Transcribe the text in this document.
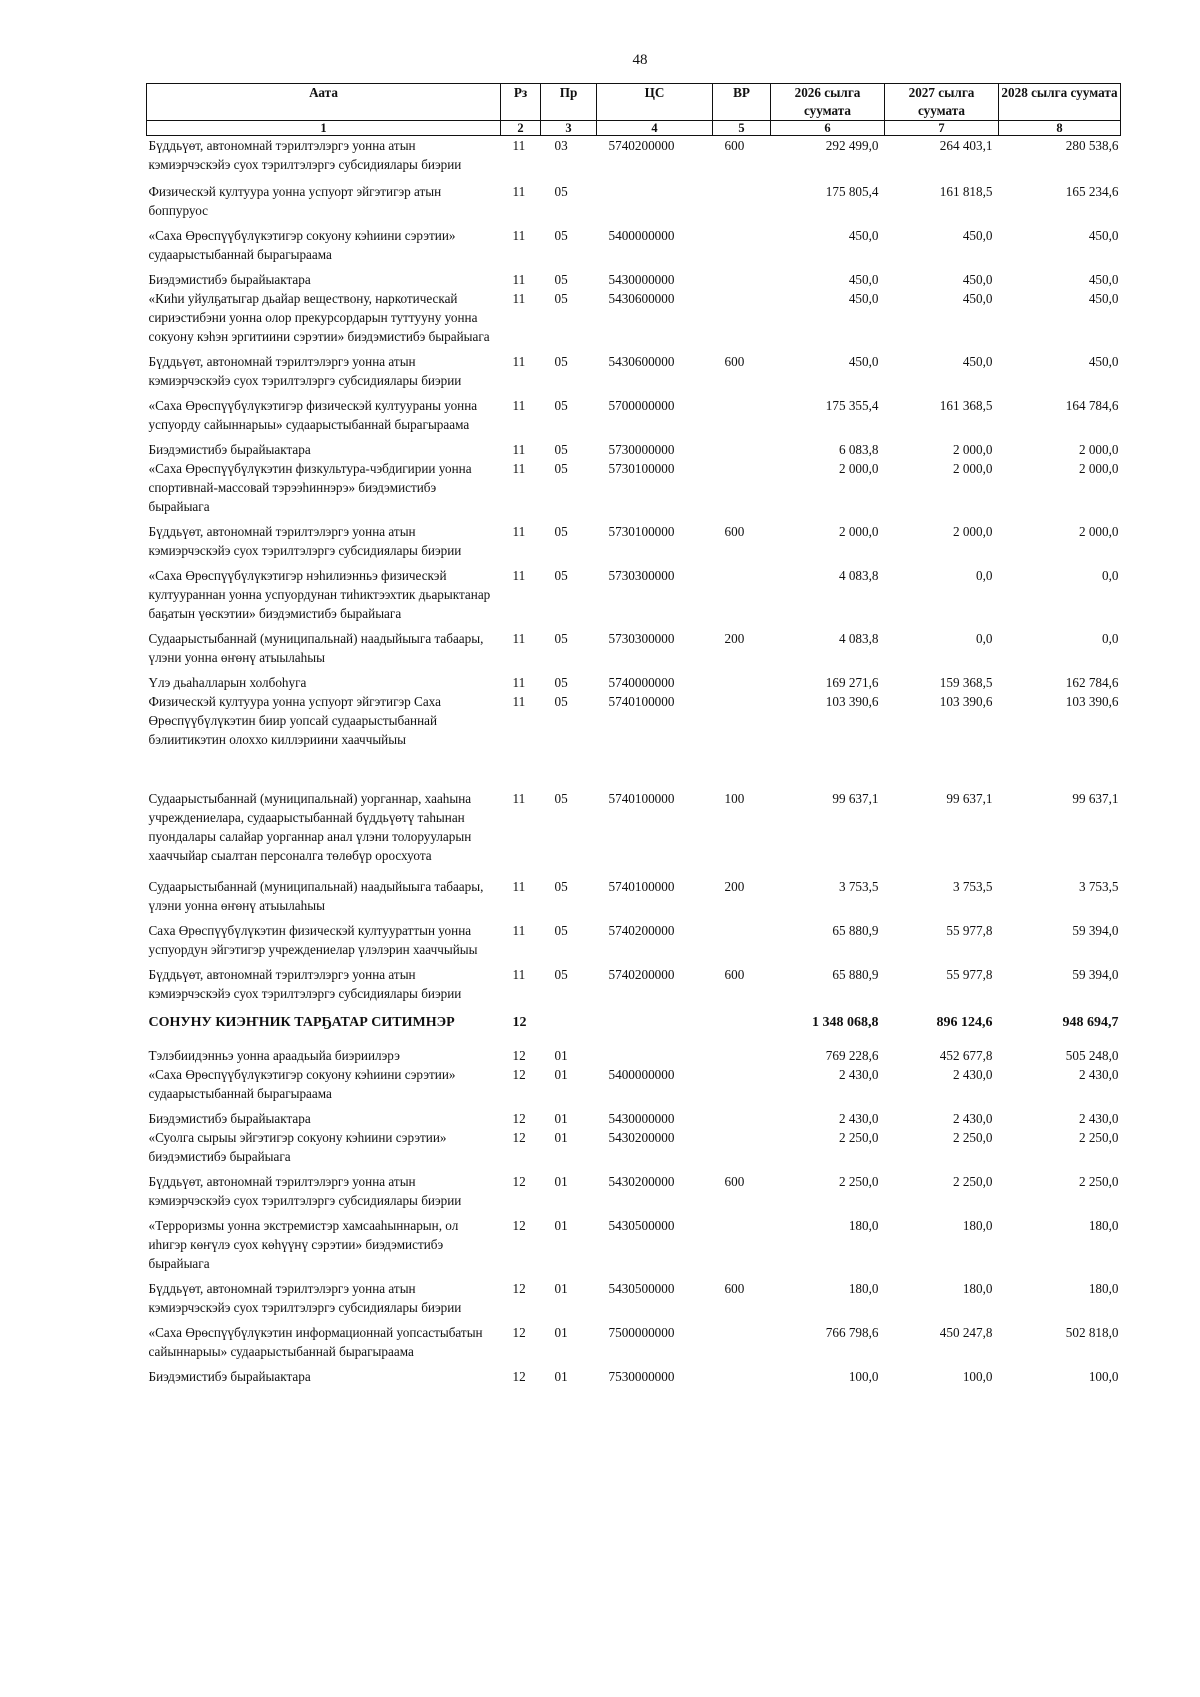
48
Аата	Рз	Пр	ЦС	ВР	2026 сылга суумата	2027 сылга суумата	2028 сылга суумата
1	2	3	4	5	6	7	8
Бүддьүөт, автономнай тэрилтэлэргэ уонна атын кэмиэрчэскэйэ суох тэрилтэлэргэ субсидиялары биэрии	11	03	5740200000	600	292 499,0	264 403,1	280 538,6
Физическэй култуура уонна успуорт эйгэтигэр атын боппуруос	11	05			175 805,4	161 818,5	165 234,6
«Саха Өрөспүүбүлүкэтигэр сокуону кэһиини сэрэтии» судаарыстыбаннай бырагыраама	11	05	5400000000		450,0	450,0	450,0
Биэдэмистибэ бырайыактара	11	05	5430000000		450,0	450,0	450,0
«Киһи уйулҕатыгар дьайар веществону, наркотическай сириэстибэни уонна олор прекурсордарын туттууну уонна сокуону кэһэн эргитиини сэрэтии» биэдэмистибэ бырайыага	11	05	5430600000		450,0	450,0	450,0
Бүддьүөт, автономнай тэрилтэлэргэ уонна атын кэмиэрчэскэйэ суох тэрилтэлэргэ субсидиялары биэрии	11	05	5430600000	600	450,0	450,0	450,0
«Саха Өрөспүүбүлүкэтигэр физическэй култуураны уонна успуорду сайыннарыы» судаарыстыбаннай бырагыраама	11	05	5700000000		175 355,4	161 368,5	164 784,6
Биэдэмистибэ бырайыактара	11	05	5730000000		6 083,8	2 000,0	2 000,0
«Саха Өрөспүүбүлүкэтин физкультура-чэбдигирии уонна спортивнай-массовай тэрээһиннэрэ» биэдэмистибэ бырайыага	11	05	5730100000		2 000,0	2 000,0	2 000,0
Бүддьүөт, автономнай тэрилтэлэргэ уонна атын кэмиэрчэскэйэ суох тэрилтэлэргэ субсидиялары биэрии	11	05	5730100000	600	2 000,0	2 000,0	2 000,0
«Саха Өрөспүүбүлүкэтигэр нэһилиэнньэ физическэй култуураннан уонна успуордунан тиһиктээхтик дьарыктанар баҕатын үөскэтии» биэдэмистибэ бырайыага	11	05	5730300000		4 083,8	0,0	0,0
Судаарыстыбаннай (муниципальнай) наадыйыыга табаары, үлэни уонна өҥөнү атыылаһыы	11	05	5730300000	200	4 083,8	0,0	0,0
Үлэ дьаһалларын холбоһуга	11	05	5740000000		169 271,6	159 368,5	162 784,6
Физическэй култуура уонна успуорт эйгэтигэр Саха Өрөспүүбүлүкэтин биир уопсай судаарыстыбаннай бэлиитикэтин олоххо киллэриини хааччыйыы	11	05	5740100000		103 390,6	103 390,6	103 390,6
Судаарыстыбаннай (муниципальнай) уорганнар, хааһына учреждениелара, судаарыстыбаннай бүддьүөтү таһынан пуондалары салайар уорганнар анал үлэни толорууларын хааччыйар сыалтан персоналга төлөбүр оросхуота	11	05	5740100000	100	99 637,1	99 637,1	99 637,1
Судаарыстыбаннай (муниципальнай) наадыйыыга табаары, үлэни уонна өҥөнү атыылаһыы	11	05	5740100000	200	3 753,5	3 753,5	3 753,5
Саха Өрөспүүбүлүкэтин физическэй култуураттын уонна успуордун эйгэтигэр учреждениелар үлэлэрин хааччыйыы	11	05	5740200000		65 880,9	55 977,8	59 394,0
Бүддьүөт, автономнай тэрилтэлэргэ уонна атын кэмиэрчэскэйэ суох тэрилтэлэргэ субсидиялары биэрии	11	05	5740200000	600	65 880,9	55 977,8	59 394,0
СОНУНУ КИЭҤНИК ТАРҔАТАР СИТИМНЭР	12				1 348 068,8	896 124,6	948 694,7
Тэлэбиидэнньэ уонна араадьыйа биэриилэрэ	12	01			769 228,6	452 677,8	505 248,0
«Саха Өрөспүүбүлүкэтигэр сокуону кэһиини сэрэтии» судаарыстыбаннай бырагыраама	12	01	5400000000		2 430,0	2 430,0	2 430,0
Биэдэмистибэ бырайыактара	12	01	5430000000		2 430,0	2 430,0	2 430,0
«Суолга сырыы эйгэтигэр сокуону кэһиини сэрэтии» биэдэмистибэ бырайыага	12	01	5430200000		2 250,0	2 250,0	2 250,0
Бүддьүөт, автономнай тэрилтэлэргэ уонна атын кэмиэрчэскэйэ суох тэрилтэлэргэ субсидиялары биэрии	12	01	5430200000	600	2 250,0	2 250,0	2 250,0
«Терроризмы уонна экстремистэр хамсааһыннарын, ол иһигэр көҥүлэ суох көһүүнү сэрэтии» биэдэмистибэ бырайыага	12	01	5430500000		180,0	180,0	180,0
Бүддьүөт, автономнай тэрилтэлэргэ уонна атын кэмиэрчэскэйэ суох тэрилтэлэргэ субсидиялары биэрии	12	01	5430500000	600	180,0	180,0	180,0
«Саха Өрөспүүбүлүкэтин информационнай уопсастыбатын сайыннарыы» судаарыстыбаннай бырагыраама	12	01	7500000000		766 798,6	450 247,8	502 818,0
Биэдэмистибэ бырайыактара	12	01	7530000000		100,0	100,0	100,0
